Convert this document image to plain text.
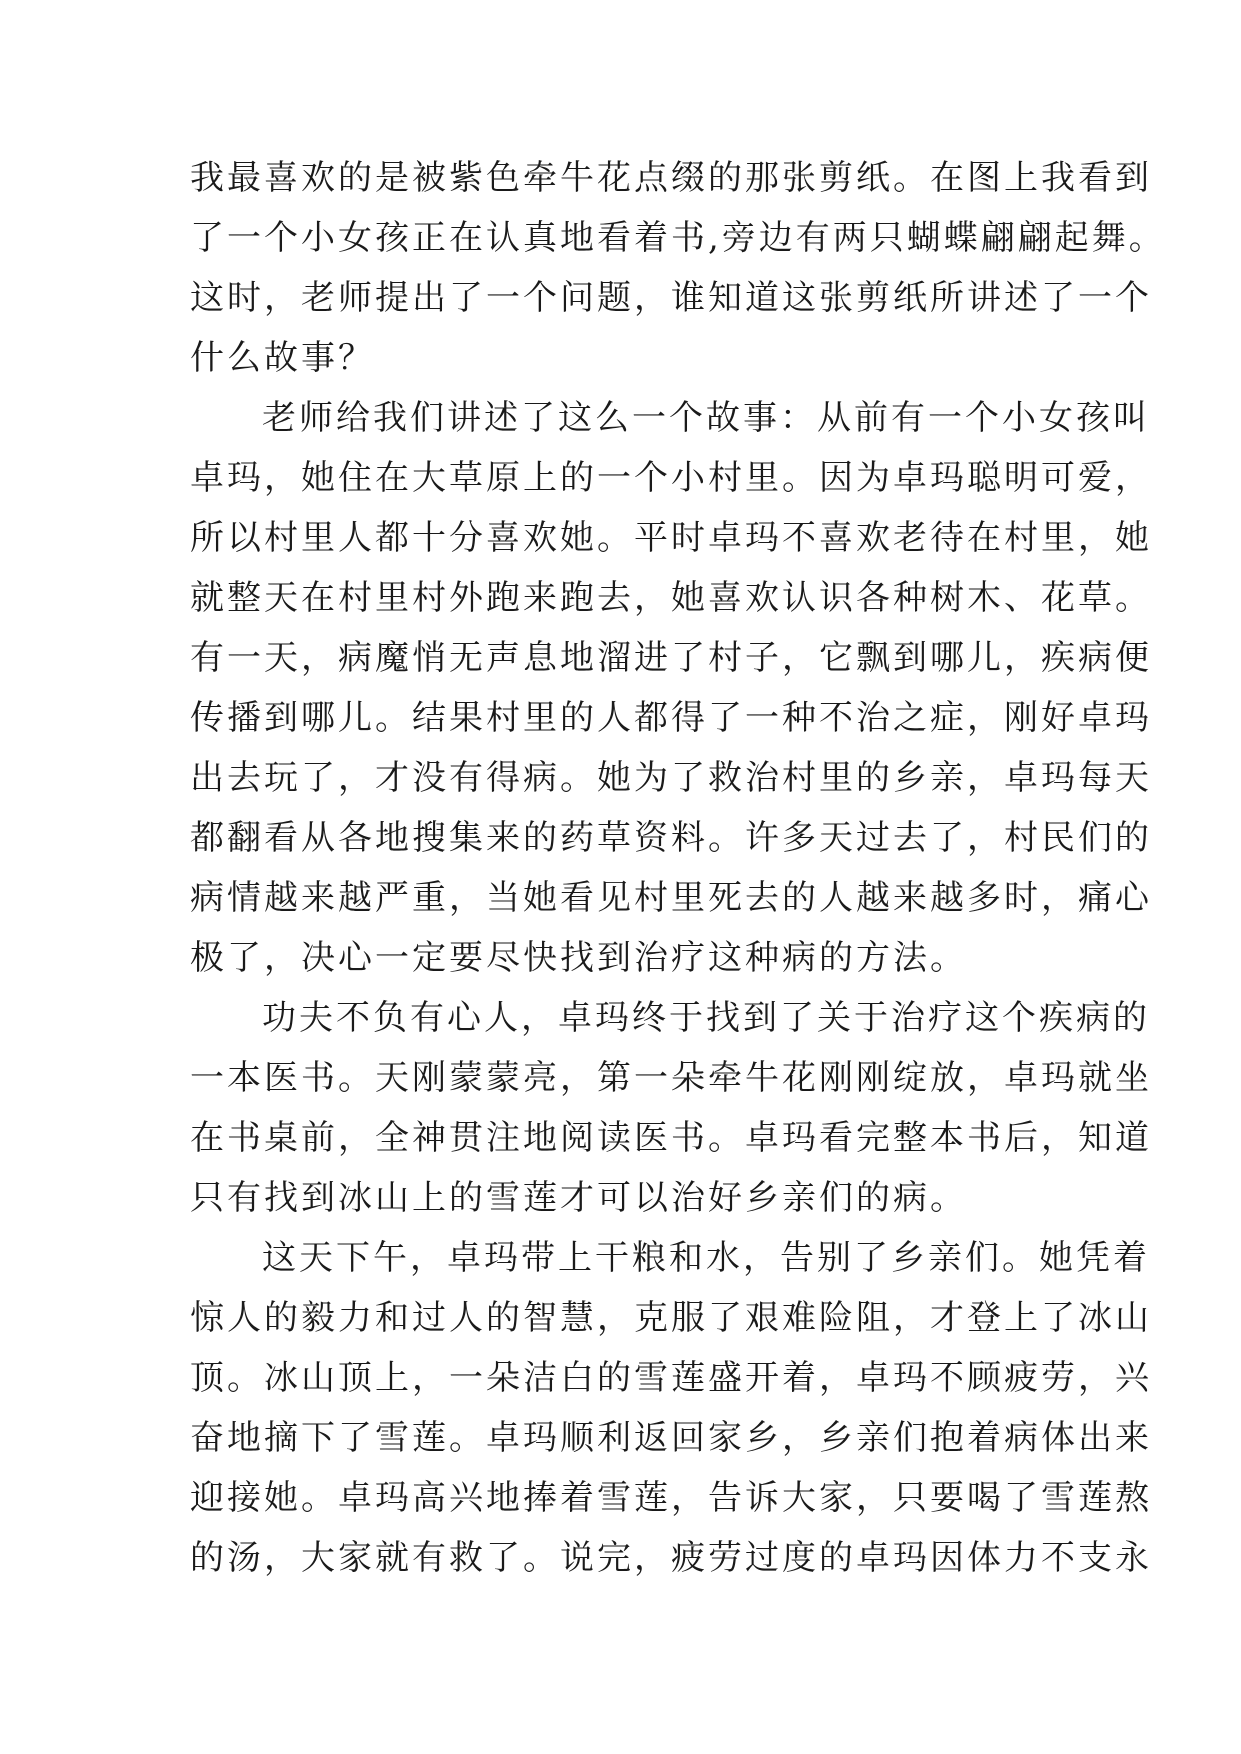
我最喜欢的是被紫色牵牛花点缀的那张剪纸。在图上我看到
了一个小女孩正在认真地看着书,旁边有两只蝴蝶翩翩起舞。
这时，老师提出了一个问题，谁知道这张剪纸所讲述了一个
什么故事？
老师给我们讲述了这么一个故事：从前有一个小女孩叫
卓玛，她住在大草原上的一个小村里。因为卓玛聪明可爱，
所以村里人都十分喜欢她。平时卓玛不喜欢老待在村里，她
就整天在村里村外跑来跑去，她喜欢认识各种树木、花草。
有一天，病魔悄无声息地溜进了村子，它飘到哪儿，疾病便
传播到哪儿。结果村里的人都得了一种不治之症，刚好卓玛
出去玩了，才没有得病。她为了救治村里的乡亲，卓玛每天
都翻看从各地搜集来的药草资料。许多天过去了，村民们的
病情越来越严重，当她看见村里死去的人越来越多时，痛心
极了，决心一定要尽快找到治疗这种病的方法。
功夫不负有心人，卓玛终于找到了关于治疗这个疾病的
一本医书。天刚蒙蒙亮，第一朵牵牛花刚刚绽放，卓玛就坐
在书桌前，全神贯注地阅读医书。卓玛看完整本书后，知道
只有找到冰山上的雪莲才可以治好乡亲们的病。
这天下午，卓玛带上干粮和水，告别了乡亲们。她凭着
惊人的毅力和过人的智慧，克服了艰难险阻，才登上了冰山
顶。冰山顶上，一朵洁白的雪莲盛开着，卓玛不顾疲劳，兴
奋地摘下了雪莲。卓玛顺利返回家乡，乡亲们抱着病体出来
迎接她。卓玛高兴地捧着雪莲，告诉大家，只要喝了雪莲熬
的汤，大家就有救了。说完，疲劳过度的卓玛因体力不支永
